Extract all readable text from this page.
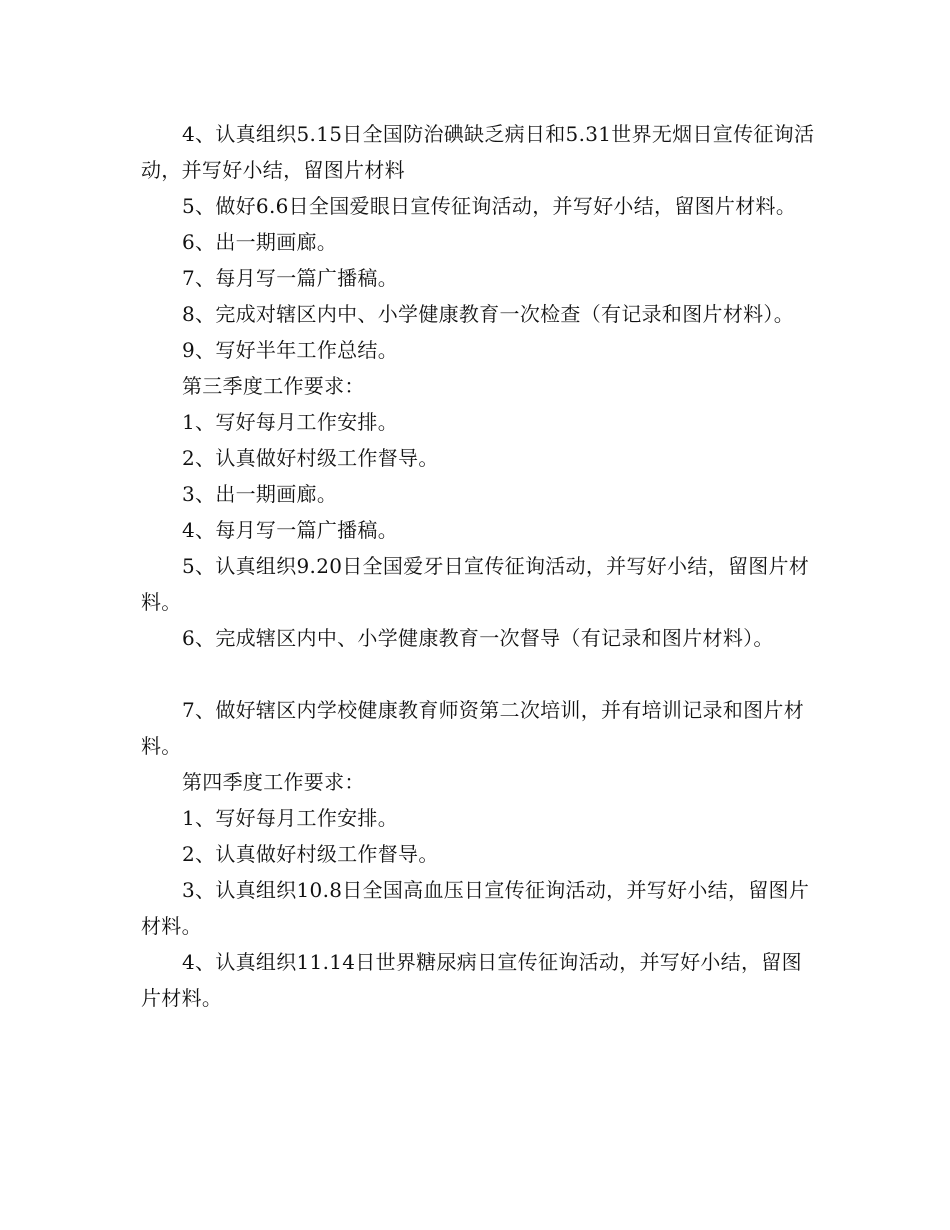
4、认真组织5.15日全国防治碘缺乏病日和5.31世界无烟日宣传征询活动，并写好小结，留图片材料

5、做好6.6日全国爱眼日宣传征询活动，并写好小结，留图片材料。

6、出一期画廊。

7、每月写一篇广播稿。

8、完成对辖区内中、小学健康教育一次检查（有记录和图片材料）。

9、写好半年工作总结。

第三季度工作要求：

1、写好每月工作安排。

2、认真做好村级工作督导。

3、出一期画廊。

4、每月写一篇广播稿。

5、认真组织9.20日全国爱牙日宣传征询活动，并写好小结，留图片材料。

6、完成辖区内中、小学健康教育一次督导（有记录和图片材料）。

7、做好辖区内学校健康教育师资第二次培训，并有培训记录和图片材料。

第四季度工作要求：

1、写好每月工作安排。

2、认真做好村级工作督导。

3、认真组织10.8日全国高血压日宣传征询活动，并写好小结，留图片材料。

4、认真组织11.14日世界糖尿病日宣传征询活动，并写好小结，留图片材料。
